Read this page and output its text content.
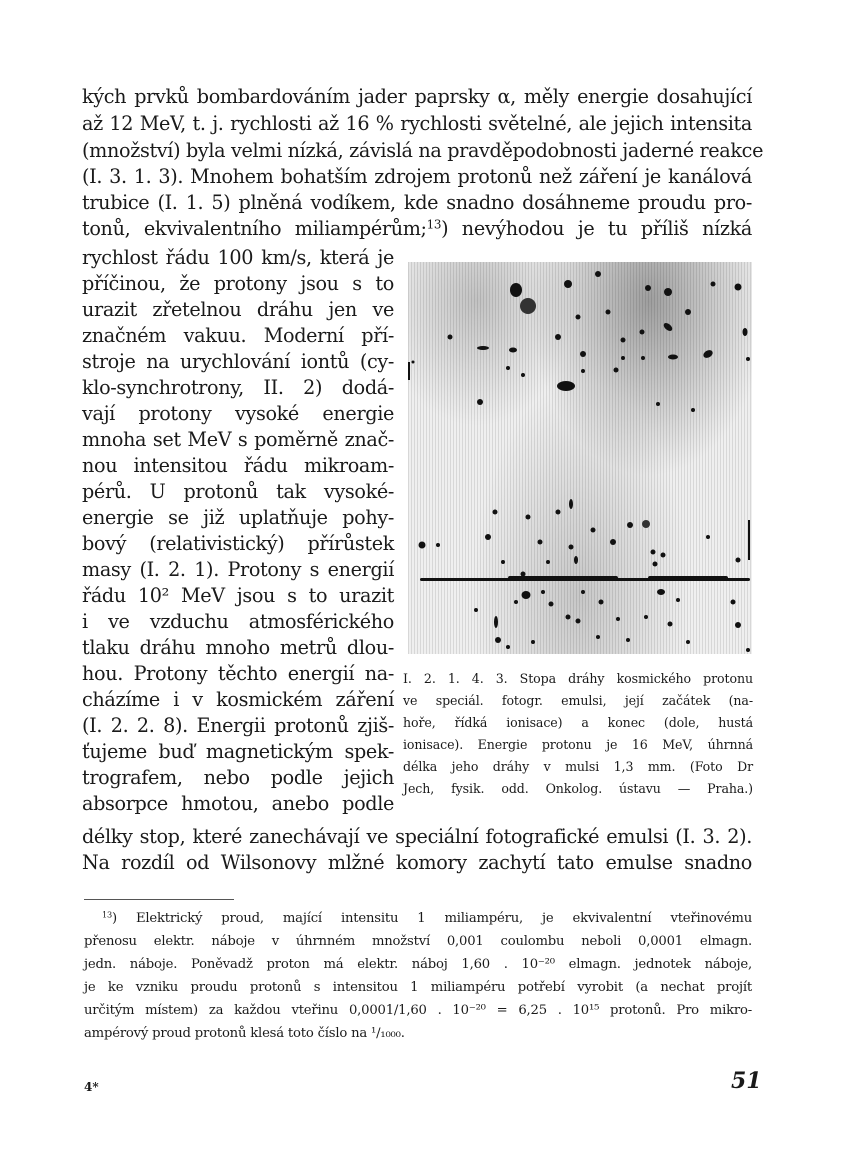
kých prvků bombardováním jader paprsky α, měly energie dosahující
až 12 MeV, t. j. rychlosti až 16 % rychlosti světelné, ale jejich intensita
(množství) byla velmi nízká, závislá na pravděpodobnosti jaderné reakce
(I. 3. 1. 3). Mnohem bohatším zdrojem protonů než záření je kanálová
trubice (I. 1. 5) plněná vodíkem, kde snadno dosáhneme proudu pro-
tonů, ekvivalentního miliampérům;$^{13}$) nevýhodou je tu příliš nízká
rychlost řádu 100 km/s, která je
příčinou, že protony jsou s to
urazit zřetelnou dráhu jen ve
značném vakuu. Moderní pří-
stroje na urychlování iontů (cy-
klo-synchrotrony, II. 2) dodá-
vají protony vysoké energie
mnoha set MeV s poměrně znač-
nou intensitou řádu mikroam-
pérů. U protonů tak vysoké-
energie se již uplatňuje pohy-
bový (relativistický) přírůstek
masy (I. 2. 1). Protony s energií
řádu 10² MeV jsou s to urazit
i ve vzduchu atmosférického
tlaku dráhu mnoho metrů dlou-
hou. Protony těchto energií na-
cházíme i v kosmickém záření
(I. 2. 2. 8). Energii protonů zjiš-
ťujeme buď magnetickým spek-
trografem, nebo podle jejich
absorpce hmotou, anebo podle
I. 2. 1. 4. 3. Stopa dráhy kosmického protonu
ve speciál. fotogr. emulsi, její začátek (na-
hoře, řídká ionisace) a konec (dole, hustá
ionisace). Energie protonu je 16 MeV, úhrnná
délka jeho dráhy v mulsi 1,3 mm. (Foto Dr
Jech, fysik. odd. Onkolog. ústavu — Praha.)
délky stop, které zanechávají ve speciální fotografické emulsi (I. 3. 2).
Na rozdíl od Wilsonovy mlžné komory zachytí tato emulse snadno
$^{13}$) Elektrický proud, mající intensitu 1 miliampéru, je ekvivalentní vteřinovému
přenosu elektr. náboje v úhrnném množství 0,001 coulombu neboli 0,0001 elmagn.
jedn. náboje. Poněvadž proton má elektr. náboj 1,60 . 10⁻²⁰ elmagn. jednotek náboje,
je ke vzniku proudu protonů s intensitou 1 miliampéru potřebí vyrobit (a nechat projít
určitým místem) za každou vteřinu 0,0001/1,60 . 10⁻²⁰ = 6,25 . 10¹⁵ protonů. Pro mikro-
ampérový proud protonů klesá toto číslo na ¹/₁₀₀₀.
4*	51
